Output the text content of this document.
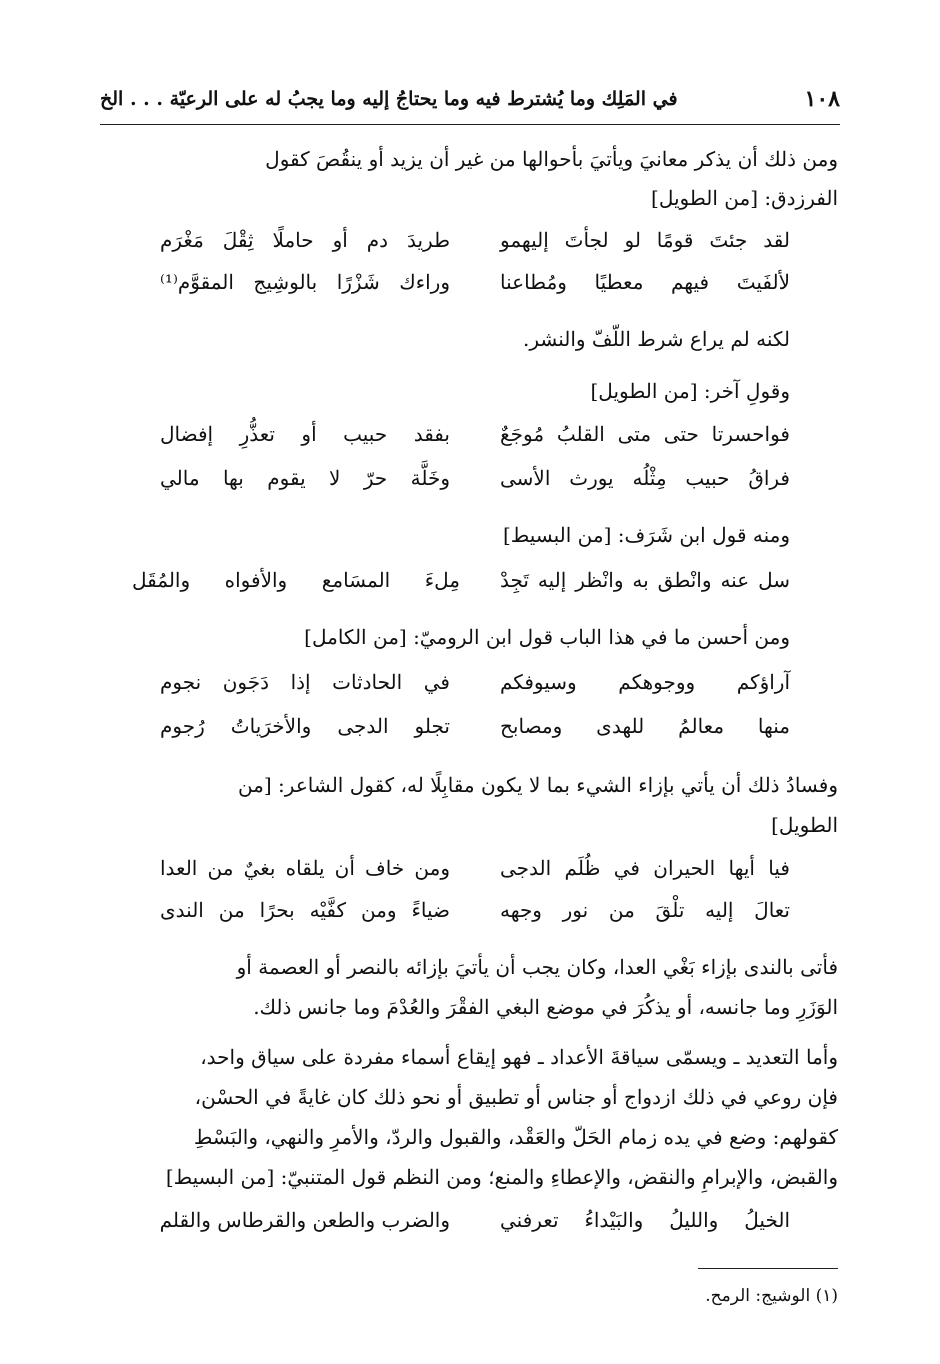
في المَلِك وما يُشترط فيه وما يحتاجُ إليه وما يجبُ له على الرعيّة . . . الخ	١٠٨
ومن ذلك أن يذكر معانيَ ويأتيَ بأحوالها من غير أن يزيد أو ينقُصَ كقول
الفرزدق: [من الطويل]
لقد جئتَ قومًا لو لجأتَ إليهمو
طريدَ دم أو حاملًا ثِقْلَ مَغْرَم
لألفَيتَ فيهم معطيًا ومُطاعنا
وراءك شَزْرًا بالوشِيج المقوَّم⁽¹⁾
لكنه لم يراع شرط اللّفّ والنشر.
وقولِ آخر: [من الطويل]
فواحسرتا حتى متى القلبُ مُوجَعٌ
بفقد حبيب أو تعذُّرِ إفضال
فراقُ حبيب مِثْلُه يورث الأسى
وخَلَّة حرّ لا يقوم بها مالي
ومنه قول ابن شَرَف: [من البسيط]
سل عنه وانْطق به وانْظر إليه تَجِدْ
مِلءَ المسَامع والأفواه والمُقَل
ومن أحسن ما في هذا الباب قول ابن الروميّ: [من الكامل]
آراؤكم ووجوهكم وسيوفكم
في الحادثات إذا دَجَون نجوم
منها معالمُ للهدى ومصابح
تجلو الدجى والأخرَياتُ رُجوم
وفسادُ ذلك أن يأتي بإزاء الشيء بما لا يكون مقابِلًا له، كقول الشاعر: [من
الطويل]
فيا أيها الحيران في ظُلَم الدجى
ومن خاف أن يلقاه بغيٌ من العدا
تعالَ إليه تلْقَ من نور وجهه
ضياءً ومن كفَّيْه بحرًا من الندى
فأتى بالندى بإزاء بَغْي العدا، وكان يجب أن يأتيَ بإزائه بالنصر أو العصمة أو
الوَزَرِ وما جانسه، أو يذكُرَ في موضع البغي الفقْرَ والعُدْمَ وما جانس ذلك.
وأما التعديد ـ ويسمّى سياقةَ الأعداد ـ فهو إيقاع أسماء مفردة على سياق واحد،
فإن روعي في ذلك ازدواج أو جناس أو تطبيق أو نحو ذلك كان غايةً في الحسْن،
كقولهم: وضع في يده زمام الحَلّ والعَقْد، والقبول والردّ، والأمرِ والنهي، والبَسْطِ
والقبض، والإبرامِ والنقض، والإعطاءِ والمنع؛ ومن النظم قول المتنبيّ: [من البسيط]
الخيلُ والليلُ والبَيْداءُ تعرفني
والضرب والطعن والقرطاس والقلم
(١) الوشيج: الرمح.
